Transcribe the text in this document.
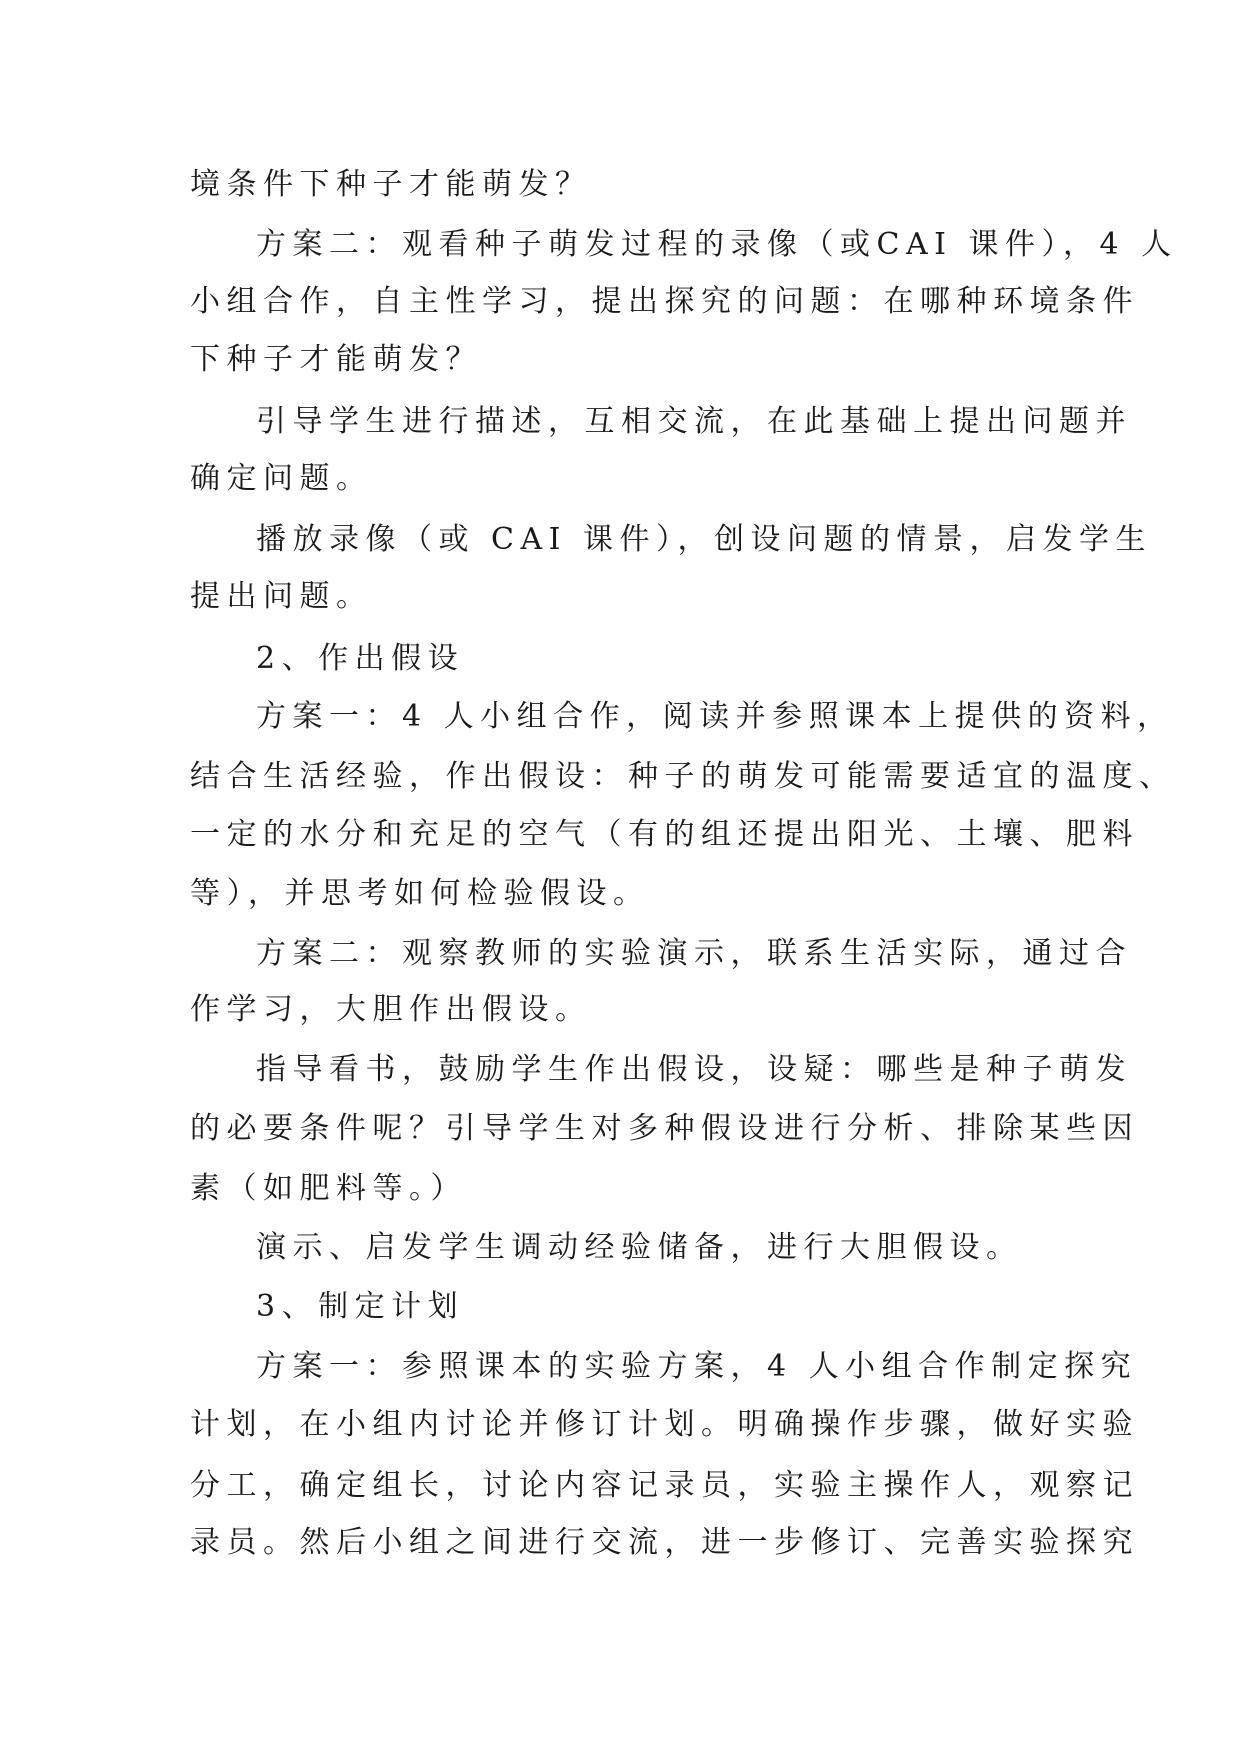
境条件下种子才能萌发？
方案二：观看种子萌发过程的录像（或CAI 课件），4 人
小组合作，自主性学习，提出探究的问题：在哪种环境条件
下种子才能萌发？
引导学生进行描述，互相交流，在此基础上提出问题并
确定问题。
播放录像（或 CAI 课件），创设问题的情景，启发学生
提出问题。
2、作出假设
方案一：4 人小组合作，阅读并参照课本上提供的资料，
结合生活经验，作出假设：种子的萌发可能需要适宜的温度、
一定的水分和充足的空气（有的组还提出阳光、土壤、肥料
等），并思考如何检验假设。
方案二：观察教师的实验演示，联系生活实际，通过合
作学习，大胆作出假设。
指导看书，鼓励学生作出假设，设疑：哪些是种子萌发
的必要条件呢？引导学生对多种假设进行分析、排除某些因
素（如肥料等。）
演示、启发学生调动经验储备，进行大胆假设。
3、制定计划
方案一：参照课本的实验方案，4 人小组合作制定探究
计划，在小组内讨论并修订计划。明确操作步骤，做好实验
分工，确定组长，讨论内容记录员，实验主操作人，观察记
录员。然后小组之间进行交流，进一步修订、完善实验探究
